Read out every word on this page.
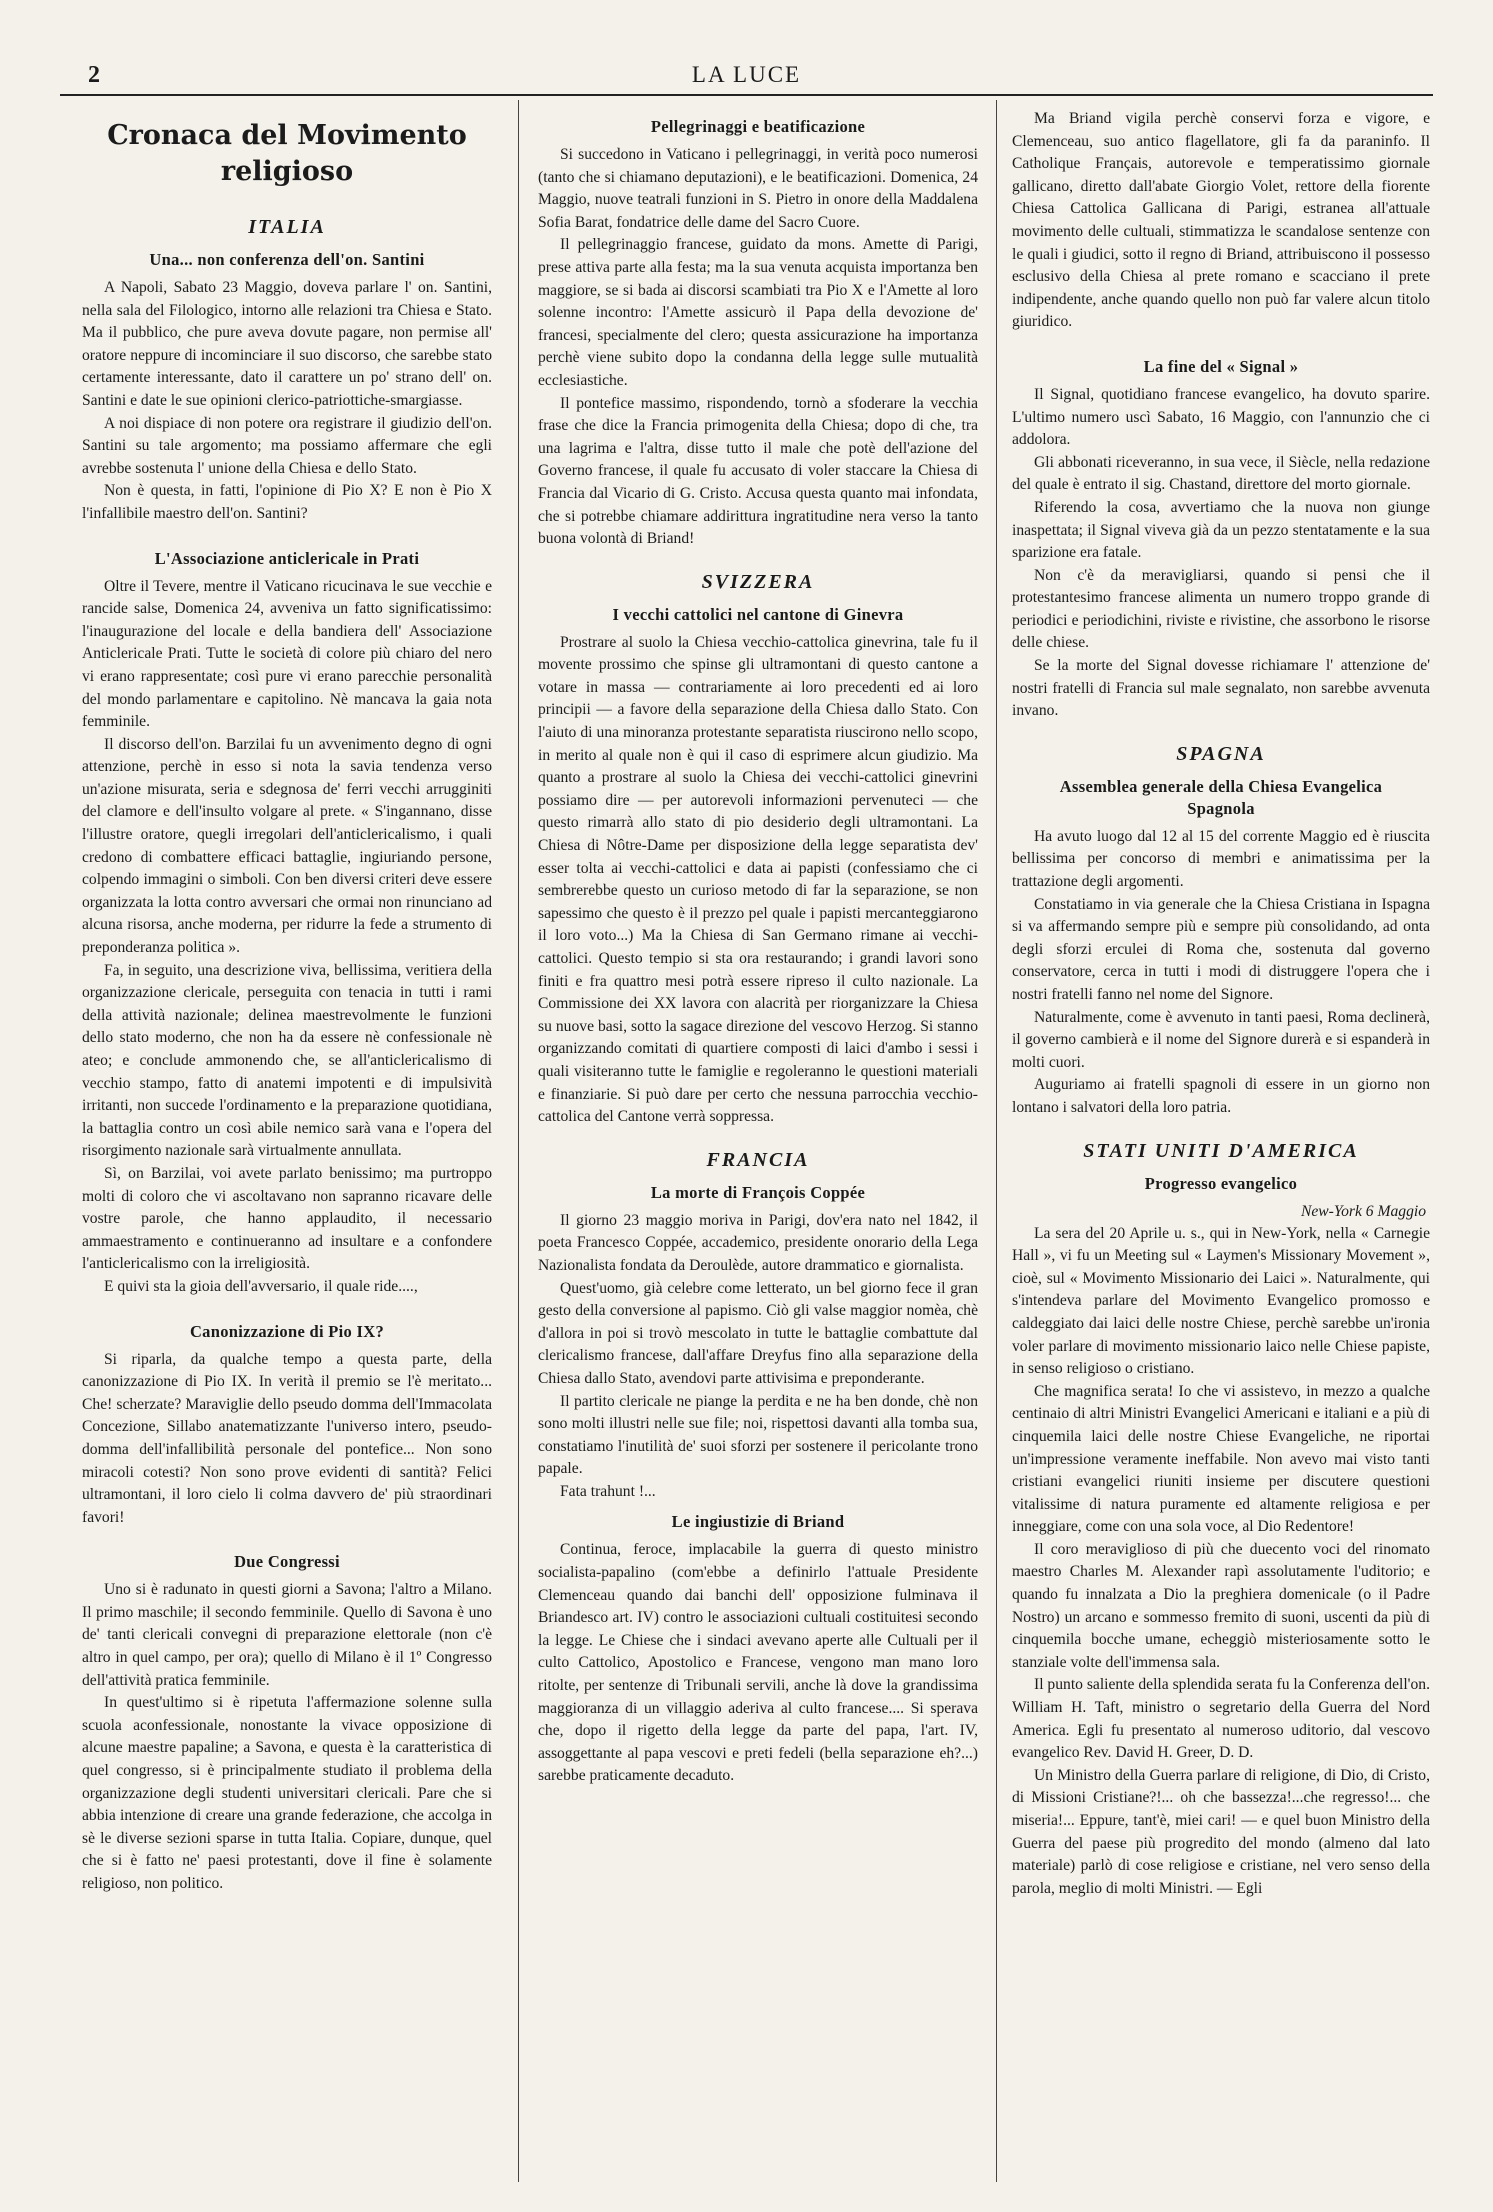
2	LA LUCE
Cronaca del Movimento religioso
ITALIA
Una... non conferenza dell'on. Santini

A Napoli, Sabato 23 Maggio, doveva parlare l' on. Santini, nella sala del Filologico, intorno alle relazioni tra Chiesa e Stato. Ma il pubblico, che pure aveva dovute pagare, non permise all' oratore neppure di incominciare il suo discorso, che sarebbe stato certamente interessante, dato il carattere un po' strano dell' on. Santini e date le sue opinioni clerico-patriottiche-smargiasse.

A noi dispiace di non potere ora registrare il giudizio dell'on. Santini su tale argomento; ma possiamo affermare che egli avrebbe sostenuta l' unione della Chiesa e dello Stato.

Non è questa, in fatti, l'opinione di Pio X? E non è Pio X l'infallibile maestro dell'on. Santini?

L'Associazione anticlericale in Prati

Oltre il Tevere, mentre il Vaticano ricucinava le sue vecchie e rancide salse, Domenica 24, avveniva un fatto significatissimo: l'inaugurazione del locale e della bandiera dell' Associazione Anticlericale Prati. Tutte le società di colore più chiaro del nero vi erano rappresentate; così pure vi erano parecchie personalità del mondo parlamentare e capitolino. Nè mancava la gaia nota femminile.

Il discorso dell'on. Barzilai fu un avvenimento degno di ogni attenzione, perchè in esso si nota la savia tendenza verso un'azione misurata, seria e sdegnosa de' ferri vecchi arrugginiti del clamore e dell'insulto volgare al prete. « S'ingannano, disse l'illustre oratore, quegli irregolari dell'anticlericalismo, i quali credono di combattere efficaci battaglie, ingiuriando persone, colpendo immagini o simboli. Con ben diversi criteri deve essere organizzata la lotta contro avversari che ormai non rinunciano ad alcuna risorsa, anche moderna, per ridurre la fede a strumento di preponderanza politica ».

Fa, in seguito, una descrizione viva, bellissima, veritiera della organizzazione clericale, perseguita con tenacia in tutti i rami della attività nazionale; delinea maestrevolmente le funzioni dello stato moderno, che non ha da essere nè confessionale nè ateo; e conclude ammonendo che, se all'anticlericalismo di vecchio stampo, fatto di anatemi impotenti e di impulsività irritanti, non succede l'ordinamento e la preparazione quotidiana, la battaglia contro un così abile nemico sarà vana e l'opera del risorgimento nazionale sarà virtualmente annullata.

Sì, on Barzilai, voi avete parlato benissimo; ma purtroppo molti di coloro che vi ascoltavano non sapranno ricavare delle vostre parole, che hanno applaudito, il necessario ammaestramento e continueranno ad insultare e a confondere l'anticlericalismo con la irreligiosità.

E quivi sta la gioia dell'avversario, il quale ride....,

Canonizzazione di Pio IX?

Si riparla, da qualche tempo a questa parte, della canonizzazione di Pio IX. In verità il premio se l'è meritato... Che! scherzate? Maraviglie dello pseudo domma dell'Immacolata Concezione, Sillabo anatematizzante l'universo intero, pseudo-domma dell'infallibilità personale del pontefice... Non sono miracoli cotesti? Non sono prove evidenti di santità? Felici ultramontani, il loro cielo li colma davvero de' più straordinari favori!

Due Congressi

Uno si è radunato in questi giorni a Savona; l'altro a Milano. Il primo maschile; il secondo femminile. Quello di Savona è uno de' tanti clericali convegni di preparazione elettorale (non c'è altro in quel campo, per ora); quello di Milano è il 1º Congresso dell'attività pratica femminile.

In quest'ultimo si è ripetuta l'affermazione solenne sulla scuola aconfessionale, nonostante la vivace opposizione di alcune maestre papaline; a Savona, e questa è la caratteristica di quel congresso, si è principalmente studiato il problema della organizzazione degli studenti universitari clericali. Pare che si abbia intenzione di creare una grande federazione, che accolga in sè le diverse sezioni sparse in tutta Italia. Copiare, dunque, quel che si è fatto ne' paesi protestanti, dove il fine è solamente religioso, non politico.

Pellegrinaggi e beatificazione

Si succedono in Vaticano i pellegrinaggi, in verità poco numerosi (tanto che si chiamano deputazioni), e le beatificazioni. Domenica, 24 Maggio, nuove teatrali funzioni in S. Pietro in onore della Maddalena Sofia Barat, fondatrice delle dame del Sacro Cuore.

Il pellegrinaggio francese, guidato da mons. Amette di Parigi, prese attiva parte alla festa; ma la sua venuta acquista importanza ben maggiore, se si bada ai discorsi scambiati tra Pio X e l'Amette al loro solenne incontro: l'Amette assicurò il Papa della devozione de' francesi, specialmente del clero; questa assicurazione ha importanza perchè viene subito dopo la condanna della legge sulle mutualità ecclesiastiche.

Il pontefice massimo, rispondendo, tornò a sfoderare la vecchia frase che dice la Francia primogenita della Chiesa; dopo di che, tra una lagrima e l'altra, disse tutto il male che potè dell'azione del Governo francese, il quale fu accusato di voler staccare la Chiesa di Francia dal Vicario di G. Cristo. Accusa questa quanto mai infondata, che si potrebbe chiamare addirittura ingratitudine nera verso la tanto buona volontà di Briand!

SVIZZERA
I vecchi cattolici nel cantone di Ginevra

Prostrare al suolo la Chiesa vecchio-cattolica ginevrina, tale fu il movente prossimo che spinse gli ultramontani di questo cantone a votare in massa — contrariamente ai loro precedenti ed ai loro principii — a favore della separazione della Chiesa dallo Stato. Con l'aiuto di una minoranza protestante separatista riuscirono nello scopo, in merito al quale non è qui il caso di esprimere alcun giudizio. Ma quanto a prostrare al suolo la Chiesa dei vecchi-cattolici ginevrini possiamo dire — per autorevoli informazioni pervenuteci — che questo rimarrà allo stato di pio desiderio degli ultramontani. La Chiesa di Nôtre-Dame per disposizione della legge separatista dev' esser tolta ai vecchi-cattolici e data ai papisti (confessiamo che ci sembrerebbe questo un curioso metodo di far la separazione, se non sapessimo che questo è il prezzo pel quale i papisti mercanteggiarono il loro voto...) Ma la Chiesa di San Germano rimane ai vecchi-cattolici. Questo tempio si sta ora restaurando; i grandi lavori sono finiti e fra quattro mesi potrà essere ripreso il culto nazionale. La Commissione dei XX lavora con alacrità per riorganizzare la Chiesa su nuove basi, sotto la sagace direzione del vescovo Herzog. Si stanno organizzando comitati di quartiere composti di laici d'ambo i sessi i quali visiteranno tutte le famiglie e regoleranno le questioni materiali e finanziarie. Si può dare per certo che nessuna parrocchia vecchio-cattolica del Cantone verrà soppressa.

FRANCIA
La morte di François Coppée

Il giorno 23 maggio moriva in Parigi, dov'era nato nel 1842, il poeta Francesco Coppée, accademico, presidente onorario della Lega Nazionalista fondata da Deroulède, autore drammatico e giornalista.

Quest'uomo, già celebre come letterato, un bel giorno fece il gran gesto della conversione al papismo. Ciò gli valse maggior nomèa, chè d'allora in poi si trovò mescolato in tutte le battaglie combattute dal clericalismo francese, dall'affare Dreyfus fino alla separazione della Chiesa dallo Stato, avendovi parte attivisima e preponderante.

Il partito clericale ne piange la perdita e ne ha ben donde, chè non sono molti illustri nelle sue file; noi, rispettosi davanti alla tomba sua, constatiamo l'inutilità de' suoi sforzi per sostenere il pericolante trono papale.

Fata trahunt !...

Le ingiustizie di Briand

Continua, feroce, implacabile la guerra di questo ministro socialista-papalino (com'ebbe a definirlo l'attuale Presidente Clemenceau quando dai banchi dell' opposizione fulminava il Briandesco art. IV) contro le associazioni cultuali costituitesi secondo la legge. Le Chiese che i sindaci avevano aperte alle Cultuali per il culto Cattolico, Apostolico e Francese, vengono man mano loro ritolte, per sentenze di Tribunali servili, anche là dove la grandissima maggioranza di un villaggio aderiva al culto francese.... Si sperava che, dopo il rigetto della legge da parte del papa, l'art. IV, assoggettante al papa vescovi e preti fedeli (bella separazione eh?...) sarebbe praticamente decaduto.

Ma Briand vigila perchè conservi forza e vigore, e Clemenceau, suo antico flagellatore, gli fa da paraninfo. Il Catholique Français, autorevole e temperatissimo giornale gallicano, diretto dall'abate Giorgio Volet, rettore della fiorente Chiesa Cattolica Gallicana di Parigi, estranea all'attuale movimento delle cultuali, stimmatizza le scandalose sentenze con le quali i giudici, sotto il regno di Briand, attribuiscono il possesso esclusivo della Chiesa al prete romano e scacciano il prete indipendente, anche quando quello non può far valere alcun titolo giuridico.

La fine del « Signal »

Il Signal, quotidiano francese evangelico, ha dovuto sparire. L'ultimo numero uscì Sabato, 16 Maggio, con l'annunzio che ci addolora.

Gli abbonati riceveranno, in sua vece, il Siècle, nella redazione del quale è entrato il sig. Chastand, direttore del morto giornale.

Riferendo la cosa, avvertiamo che la nuova non giunge inaspettata; il Signal viveva già da un pezzo stentatamente e la sua sparizione era fatale.

Non c'è da meravigliarsi, quando si pensi che il protestantesimo francese alimenta un numero troppo grande di periodici e periodichini, riviste e rivistine, che assorbono le risorse delle chiese.

Se la morte del Signal dovesse richiamare l' attenzione de' nostri fratelli di Francia sul male segnalato, non sarebbe avvenuta invano.

SPAGNA
Assemblea generale della Chiesa Evangelica
Spagnola

Ha avuto luogo dal 12 al 15 del corrente Maggio ed è riuscita bellissima per concorso di membri e animatissima per la trattazione degli argomenti.

Constatiamo in via generale che la Chiesa Cristiana in Ispagna si va affermando sempre più e sempre più consolidando, ad onta degli sforzi erculei di Roma che, sostenuta dal governo conservatore, cerca in tutti i modi di distruggere l'opera che i nostri fratelli fanno nel nome del Signore.

Naturalmente, come è avvenuto in tanti paesi, Roma declinerà, il governo cambierà e il nome del Signore durerà e si espanderà in molti cuori.

Auguriamo ai fratelli spagnoli di essere in un giorno non lontano i salvatori della loro patria.

STATI UNITI D'AMERICA
Progresso evangelico
New-York 6 Maggio

La sera del 20 Aprile u. s., qui in New-York, nella « Carnegie Hall », vi fu un Meeting sul « Laymen's Missionary Movement », cioè, sul « Movimento Missionario dei Laici ». Naturalmente, qui s'intendeva parlare del Movimento Evangelico promosso e caldeggiato dai laici delle nostre Chiese, perchè sarebbe un'ironia voler parlare di movimento missionario laico nelle Chiese papiste, in senso religioso o cristiano.

Che magnifica serata! Io che vi assistevo, in mezzo a qualche centinaio di altri Ministri Evangelici Americani e italiani e a più di cinquemila laici delle nostre Chiese Evangeliche, ne riportai un'impressione veramente ineffabile. Non avevo mai visto tanti cristiani evangelici riuniti insieme per discutere questioni vitalissime di natura puramente ed altamente religiosa e per inneggiare, come con una sola voce, al Dio Redentore!

Il coro meraviglioso di più che duecento voci del rinomato maestro Charles M. Alexander rapì assolutamente l'uditorio; e quando fu innalzata a Dio la preghiera domenicale (o il Padre Nostro) un arcano e sommesso fremito di suoni, uscenti da più di cinquemila bocche umane, echeggiò misteriosamente sotto le stanziale volte dell'immensa sala.

Il punto saliente della splendida serata fu la Conferenza dell'on. William H. Taft, ministro o segretario della Guerra del Nord America. Egli fu presentato al numeroso uditorio, dal vescovo evangelico Rev. David H. Greer, D. D.

Un Ministro della Guerra parlare di religione, di Dio, di Cristo, di Missioni Cristiane?!... oh che bassezza!...che regresso!... che miseria!... Eppure, tant'è, miei cari! — e quel buon Ministro della Guerra del paese più progredito del mondo (almeno dal lato materiale) parlò di cose religiose e cristiane, nel vero senso della parola, meglio di molti Ministri. — Egli
